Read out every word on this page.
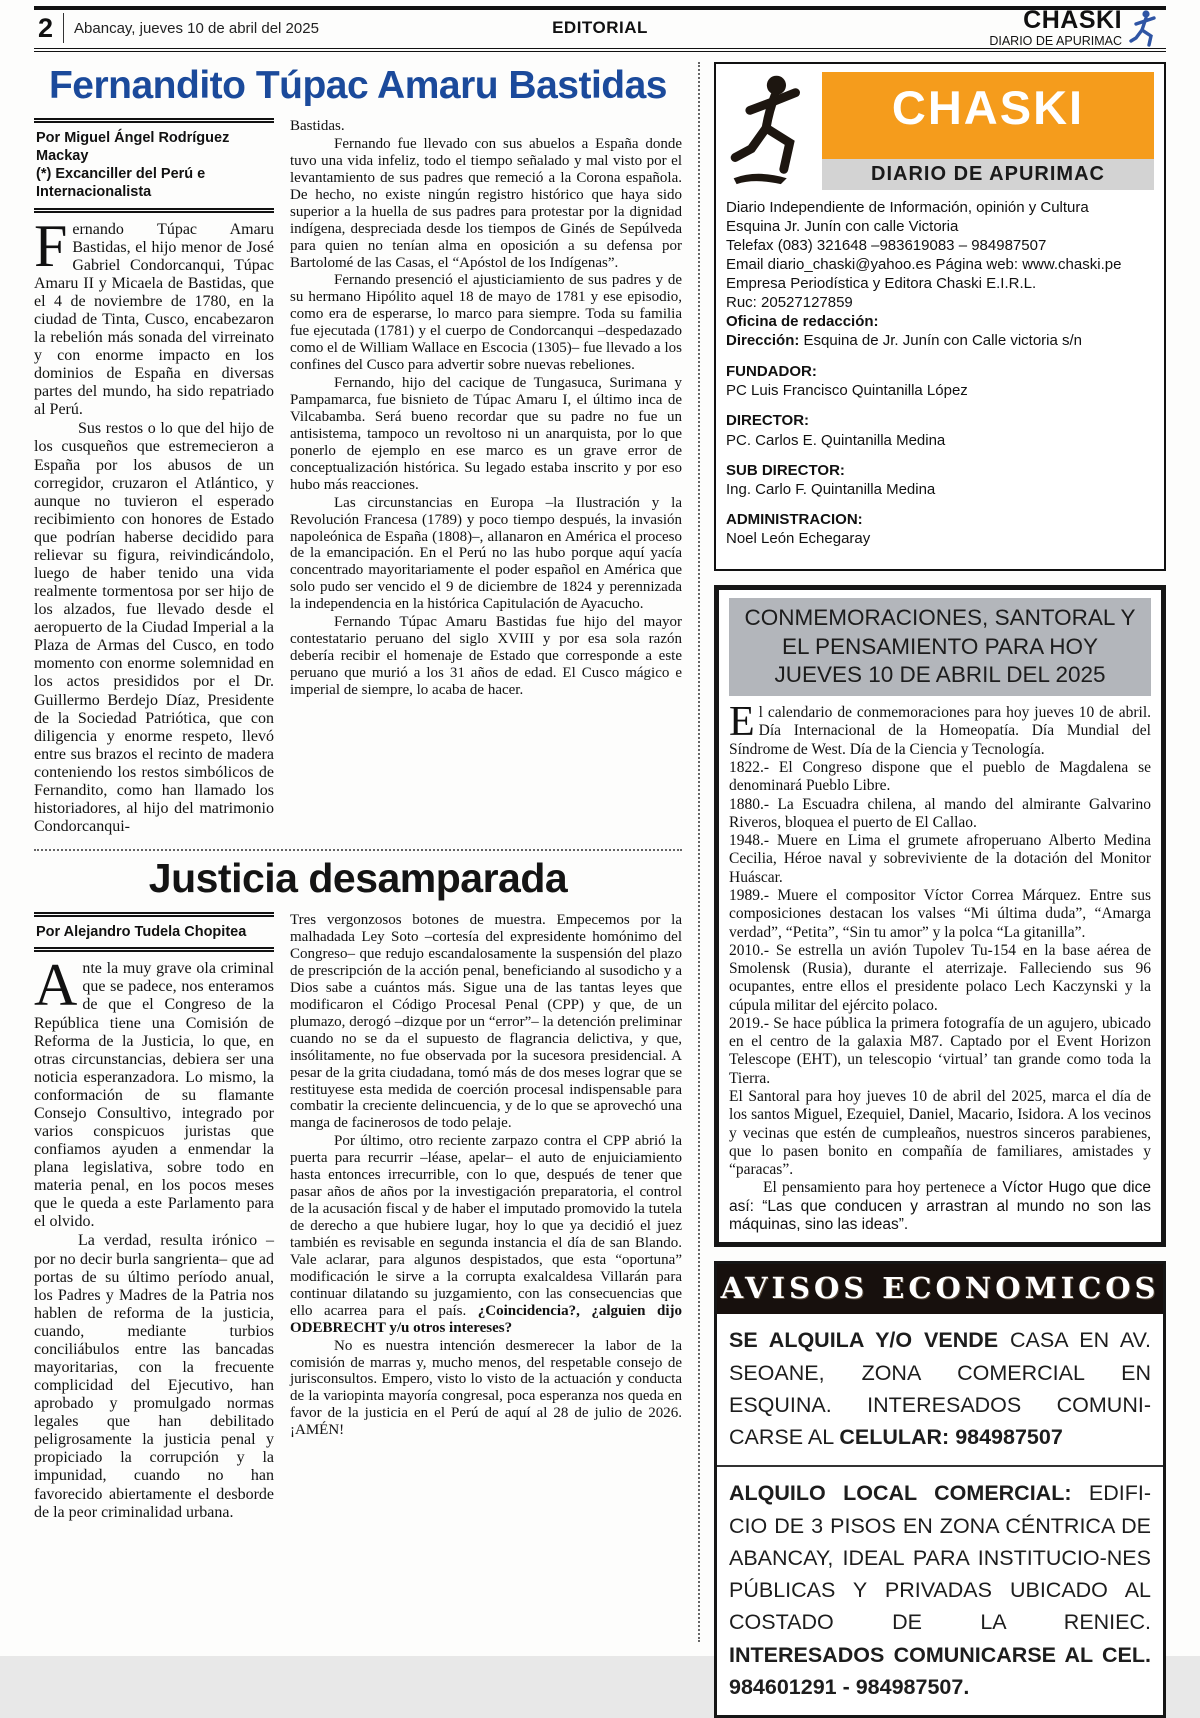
2 Abancay, jueves 10 de abril del 2025	EDITORIAL	CHASKI
DIARIO DE APURIMAC
Fernandito Túpac Amaru Bastidas
Por Miguel Ángel Rodríguez Mackay
(*) Excanciller del Perú e Internacionalista

Fernando Túpac Amaru Bastidas, el hijo menor de José Gabriel Condorcanqui, Túpac Amaru II y Micaela de Bastidas, que el 4 de noviembre de 1780, en la ciudad de Tinta, Cusco, encabezaron la rebelión más sonada del virreinato y con enorme impacto en los dominios de España en diversas partes del mundo, ha sido repatriado al Perú.

Sus restos o lo que del hijo de los cusqueños que estremecieron a España por los abusos de un corregidor, cruzaron el Atlántico, y aunque no tuvieron el esperado recibimiento con honores de Estado que podrían haberse decidido para relievar su figura, reivindicándolo, luego de haber tenido una vida realmente tormentosa por ser hijo de los alzados, fue llevado desde el aeropuerto de la Ciudad Imperial a la Plaza de Armas del Cusco, en todo momento con enorme solemnidad en los actos presididos por el Dr. Guillermo Berdejo Díaz, Presidente de la Sociedad Patriótica, que con diligencia y enorme respeto, llevó entre sus brazos el recinto de madera conteniendo los restos simbólicos de Fernandito, como han llamado los historiadores, al hijo del matrimonio Condorcanqui-

Bastidas.

Fernando fue llevado con sus abuelos a España donde tuvo una vida infeliz, todo el tiempo señalado y mal visto por el levantamiento de sus padres que remeció a la Corona española. De hecho, no existe ningún registro histórico que haya sido superior a la huella de sus padres para protestar por la dignidad indígena, despreciada desde los tiempos de Ginés de Sepúlveda para quien no tenían alma en oposición a su defensa por Bartolomé de las Casas, el “Apóstol de los Indígenas”.

Fernando presenció el ajusticiamiento de sus padres y de su hermano Hipólito aquel 18 de mayo de 1781 y ese episodio, como era de esperarse, lo marco para siempre. Toda su familia fue ejecutada (1781) y el cuerpo de Condorcanqui –despedazado como el de William Wallace en Escocia (1305)– fue llevado a los confines del Cusco para advertir sobre nuevas rebeliones.

Fernando, hijo del cacique de Tungasuca, Surimana y Pampamarca, fue bisnieto de Túpac Amaru I, el último inca de Vilcabamba. Será bueno recordar que su padre no fue un antisistema, tampoco un revoltoso ni un anarquista, por lo que ponerlo de ejemplo en ese marco es un grave error de conceptualización histórica. Su legado estaba inscrito y por eso hubo más reacciones.

Las circunstancias en Europa –la Ilustración y la Revolución Francesa (1789) y poco tiempo después, la invasión napoleónica de España (1808)–, allanaron en América el proceso de la emancipación. En el Perú no las hubo porque aquí yacía concentrado mayoritariamente el poder español en América que solo pudo ser vencido el 9 de diciembre de 1824 y perennizada la independencia en la histórica Capitulación de Ayacucho.

Fernando Túpac Amaru Bastidas fue hijo del mayor contestatario peruano del siglo XVIII y por esa sola razón debería recibir el homenaje de Estado que corresponde a este peruano que murió a los 31 años de edad. El Cusco mágico e imperial de siempre, lo acaba de hacer.

Justicia desamparada
Por Alejandro Tudela Chopitea

Ante la muy grave ola criminal que se padece, nos enteramos de que el Congreso de la República tiene una Comisión de Reforma de la Justicia, lo que, en otras circunstancias, debiera ser una noticia esperanzadora. Lo mismo, la conformación de su flamante Consejo Consultivo, integrado por varios conspicuos juristas que confiamos ayuden a enmendar la plana legislativa, sobre todo en materia penal, en los pocos meses que le queda a este Parlamento para el olvido.

La verdad, resulta irónico –por no decir burla sangrienta– que ad portas de su último período anual, los Padres y Madres de la Patria nos hablen de reforma de la justicia, cuando, mediante turbios conciliábulos entre las bancadas mayoritarias, con la frecuente complicidad del Ejecutivo, han aprobado y promulgado normas legales que han debilitado peligrosamente la justicia penal y propiciado la corrupción y la impunidad, cuando no han favorecido abiertamente el desborde de la peor criminalidad urbana.

Tres vergonzosos botones de muestra. Empecemos por la malhadada Ley Soto –cortesía del expresidente homónimo del Congreso– que redujo escandalosamente la suspensión del plazo de prescripción de la acción penal, beneficiando al susodicho y a Dios sabe a cuántos más. Sigue una de las tantas leyes que modificaron el Código Procesal Penal (CPP) y que, de un plumazo, derogó –dizque por un “error”– la detención preliminar cuando no se da el supuesto de flagrancia delictiva, y que, insólitamente, no fue observada por la sucesora presidencial. A pesar de la grita ciudadana, tomó más de dos meses lograr que se restituyese esta medida de coerción procesal indispensable para combatir la creciente delincuencia, y de lo que se aprovechó una manga de facinerosos de todo pelaje.

Por último, otro reciente zarpazo contra el CPP abrió la puerta para recurrir –léase, apelar– el auto de enjuiciamiento hasta entonces irrecurrible, con lo que, después de tener que pasar años de años por la investigación preparatoria, el control de la acusación fiscal y de haber el imputado promovido la tutela de derecho a que hubiere lugar, hoy lo que ya decidió el juez también es revisable en segunda instancia el día de san Blando. Vale aclarar, para algunos despistados, que esta “oportuna” modificación le sirve a la corrupta exalcaldesa Villarán para continuar dilatando su juzgamiento, con las consecuencias que ello acarrea para el país. ¿Coincidencia?, ¿alguien dijo ODEBRECHT y/u otros intereses?

No es nuestra intención desmerecer la labor de la comisión de marras y, mucho menos, del respetable consejo de jurisconsultos. Empero, visto lo visto de la actuación y conducta de la variopinta mayoría congresal, poca esperanza nos queda en favor de la justicia en el Perú de aquí al 28 de julio de 2026. ¡AMÉN!

CHASKI
DIARIO DE APURIMAC

Diario Independiente de Información, opinión y Cultura

Esquina Jr. Junín con calle Victoria

Telefax (083) 321648 –983619083 – 984987507

Email diario_chaski@yahoo.es Página web: www.chaski.pe

Empresa Periodística y Editora Chaski E.I.R.L.

Ruc: 20527127859

Oficina de redacción:

Dirección: Esquina de Jr. Junín con Calle victoria s/n

FUNDADOR:

PC Luis Francisco Quintanilla López

DIRECTOR:

PC. Carlos E. Quintanilla Medina

SUB DIRECTOR:

Ing. Carlo F. Quintanilla Medina

ADMINISTRACION:

Noel León Echegaray

CONMEMORACIONES, SANTORAL Y EL PENSAMIENTO PARA HOY JUEVES 10 DE ABRIL DEL 2025

El calendario de conmemoraciones para hoy jueves 10 de abril. Día Internacional de la Homeopatía. Día Mundial del Síndrome de West. Día de la Ciencia y Tecnología.

1822.- El Congreso dispone que el pueblo de Magdalena se denominará Pueblo Libre.

1880.- La Escuadra chilena, al mando del almirante Galvarino Riveros, bloquea el puerto de El Callao.

1948.- Muere en Lima el grumete afroperuano Alberto Medina Cecilia, Héroe naval y sobreviviente de la dotación del Monitor Huáscar.

1989.- Muere el compositor Víctor Correa Márquez. Entre sus composiciones destacan los valses “Mi última duda”, “Amarga verdad”, “Petita”, “Sin tu amor” y la polca “La gitanilla”.

2010.- Se estrella un avión Tupolev Tu-154 en la base aérea de Smolensk (Rusia), durante el aterrizaje. Falleciendo sus 96 ocupantes, entre ellos el presidente polaco Lech Kaczynski y la cúpula militar del ejército polaco.

2019.- Se hace pública la primera fotografía de un agujero, ubicado en el centro de la galaxia M87. Captado por el Event Horizon Telescope (EHT), un telescopio ‘virtual’ tan grande como toda la Tierra.

El Santoral para hoy jueves 10 de abril del 2025, marca el día de los santos Miguel, Ezequiel, Daniel, Macario, Isidora. A los vecinos y vecinas que estén de cumpleaños, nuestros sinceros parabienes, que lo pasen bonito en compañía de familiares, amistades y “paracas”.

El pensamiento para hoy pertenece a Víctor Hugo que dice así: “Las que conducen y arrastran al mundo no son las máquinas, sino las ideas”.

AVISOS ECONOMICOS

SE ALQUILA Y/O VENDE CASA EN AV. SEOANE, ZONA COMERCIAL EN ESQUINA. INTERESADOS COMUNI-CARSE AL CELULAR: 984987507

ALQUILO LOCAL COMERCIAL: EDIFI-CIO DE 3 PISOS EN ZONA CÉNTRICA DE ABANCAY, IDEAL PARA INSTITUCIO-NES PÚBLICAS Y PRIVADAS UBICADO AL COSTADO DE LA RENIEC. INTERESADOS COMUNICARSE AL CEL. 984601291 - 984987507.
